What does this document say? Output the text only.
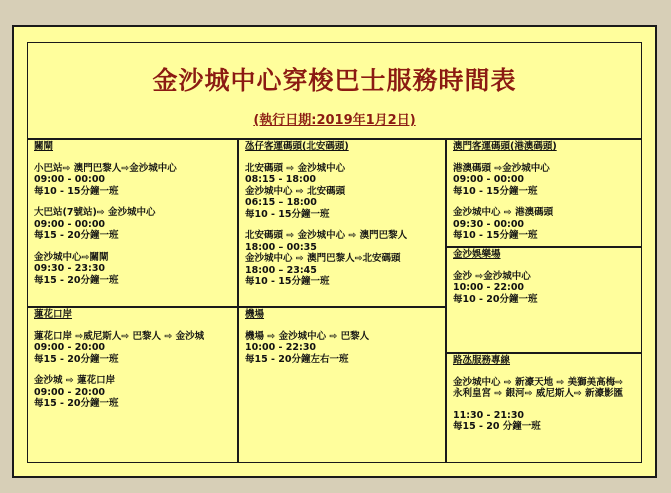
金沙城中心穿梭巴士服務時間表
(執行日期:2019年1月2日)
關閘
小巴站⇨ 澳門巴黎人⇨金沙城中心
09:00 - 00:00
每10 - 15分鐘一班
大巴站(7號站)⇨ 金沙城中心
09:00 - 00:00
每15 - 20分鐘一班
金沙城中心⇨關閘
09:30 - 23:30
每15 - 20分鐘一班
氹仔客運碼頭(北安碼頭)
北安碼頭 ⇨ 金沙城中心
08:15 - 18:00
金沙城中心 ⇨ 北安碼頭
06:15 – 18:00
每10 - 15分鐘一班
北安碼頭 ⇨ 金沙城中心 ⇨ 澳門巴黎人
18:00 – 00:35
金沙城中心 ⇨ 澳門巴黎人⇨北安碼頭
18:00 – 23:45
每10 - 15分鐘一班
澳門客運碼頭(港澳碼頭)
港澳碼頭 ⇨金沙城中心
09:00 - 00:00
每10 - 15分鐘一班
金沙城中心 ⇨ 港澳碼頭
09:30 - 00:00
每10 - 15分鐘一班
金沙娛樂場
金沙 ⇨金沙城中心
10:00 - 22:00
每10 - 20分鐘一班
蓮花口岸
蓮花口岸 ⇨威尼斯人⇨ 巴黎人 ⇨ 金沙城
09:00 - 20:00
每15 - 20分鐘一班
金沙城 ⇨ 蓮花口岸
09:00 - 20:00
每15 - 20分鐘一班
機場
機場 ⇨ 金沙城中心 ⇨ 巴黎人
10:00 - 22:30
每15 - 20分鐘左右一班	路氹服務專線
金沙城中心 ⇨ 新濠天地 ⇨ 美獅美高梅⇨
永利皇宮 ⇨ 銀河⇨ 威尼斯人⇨ 新濠影匯
11:30 - 21:30
每15 - 20 分鐘一班
